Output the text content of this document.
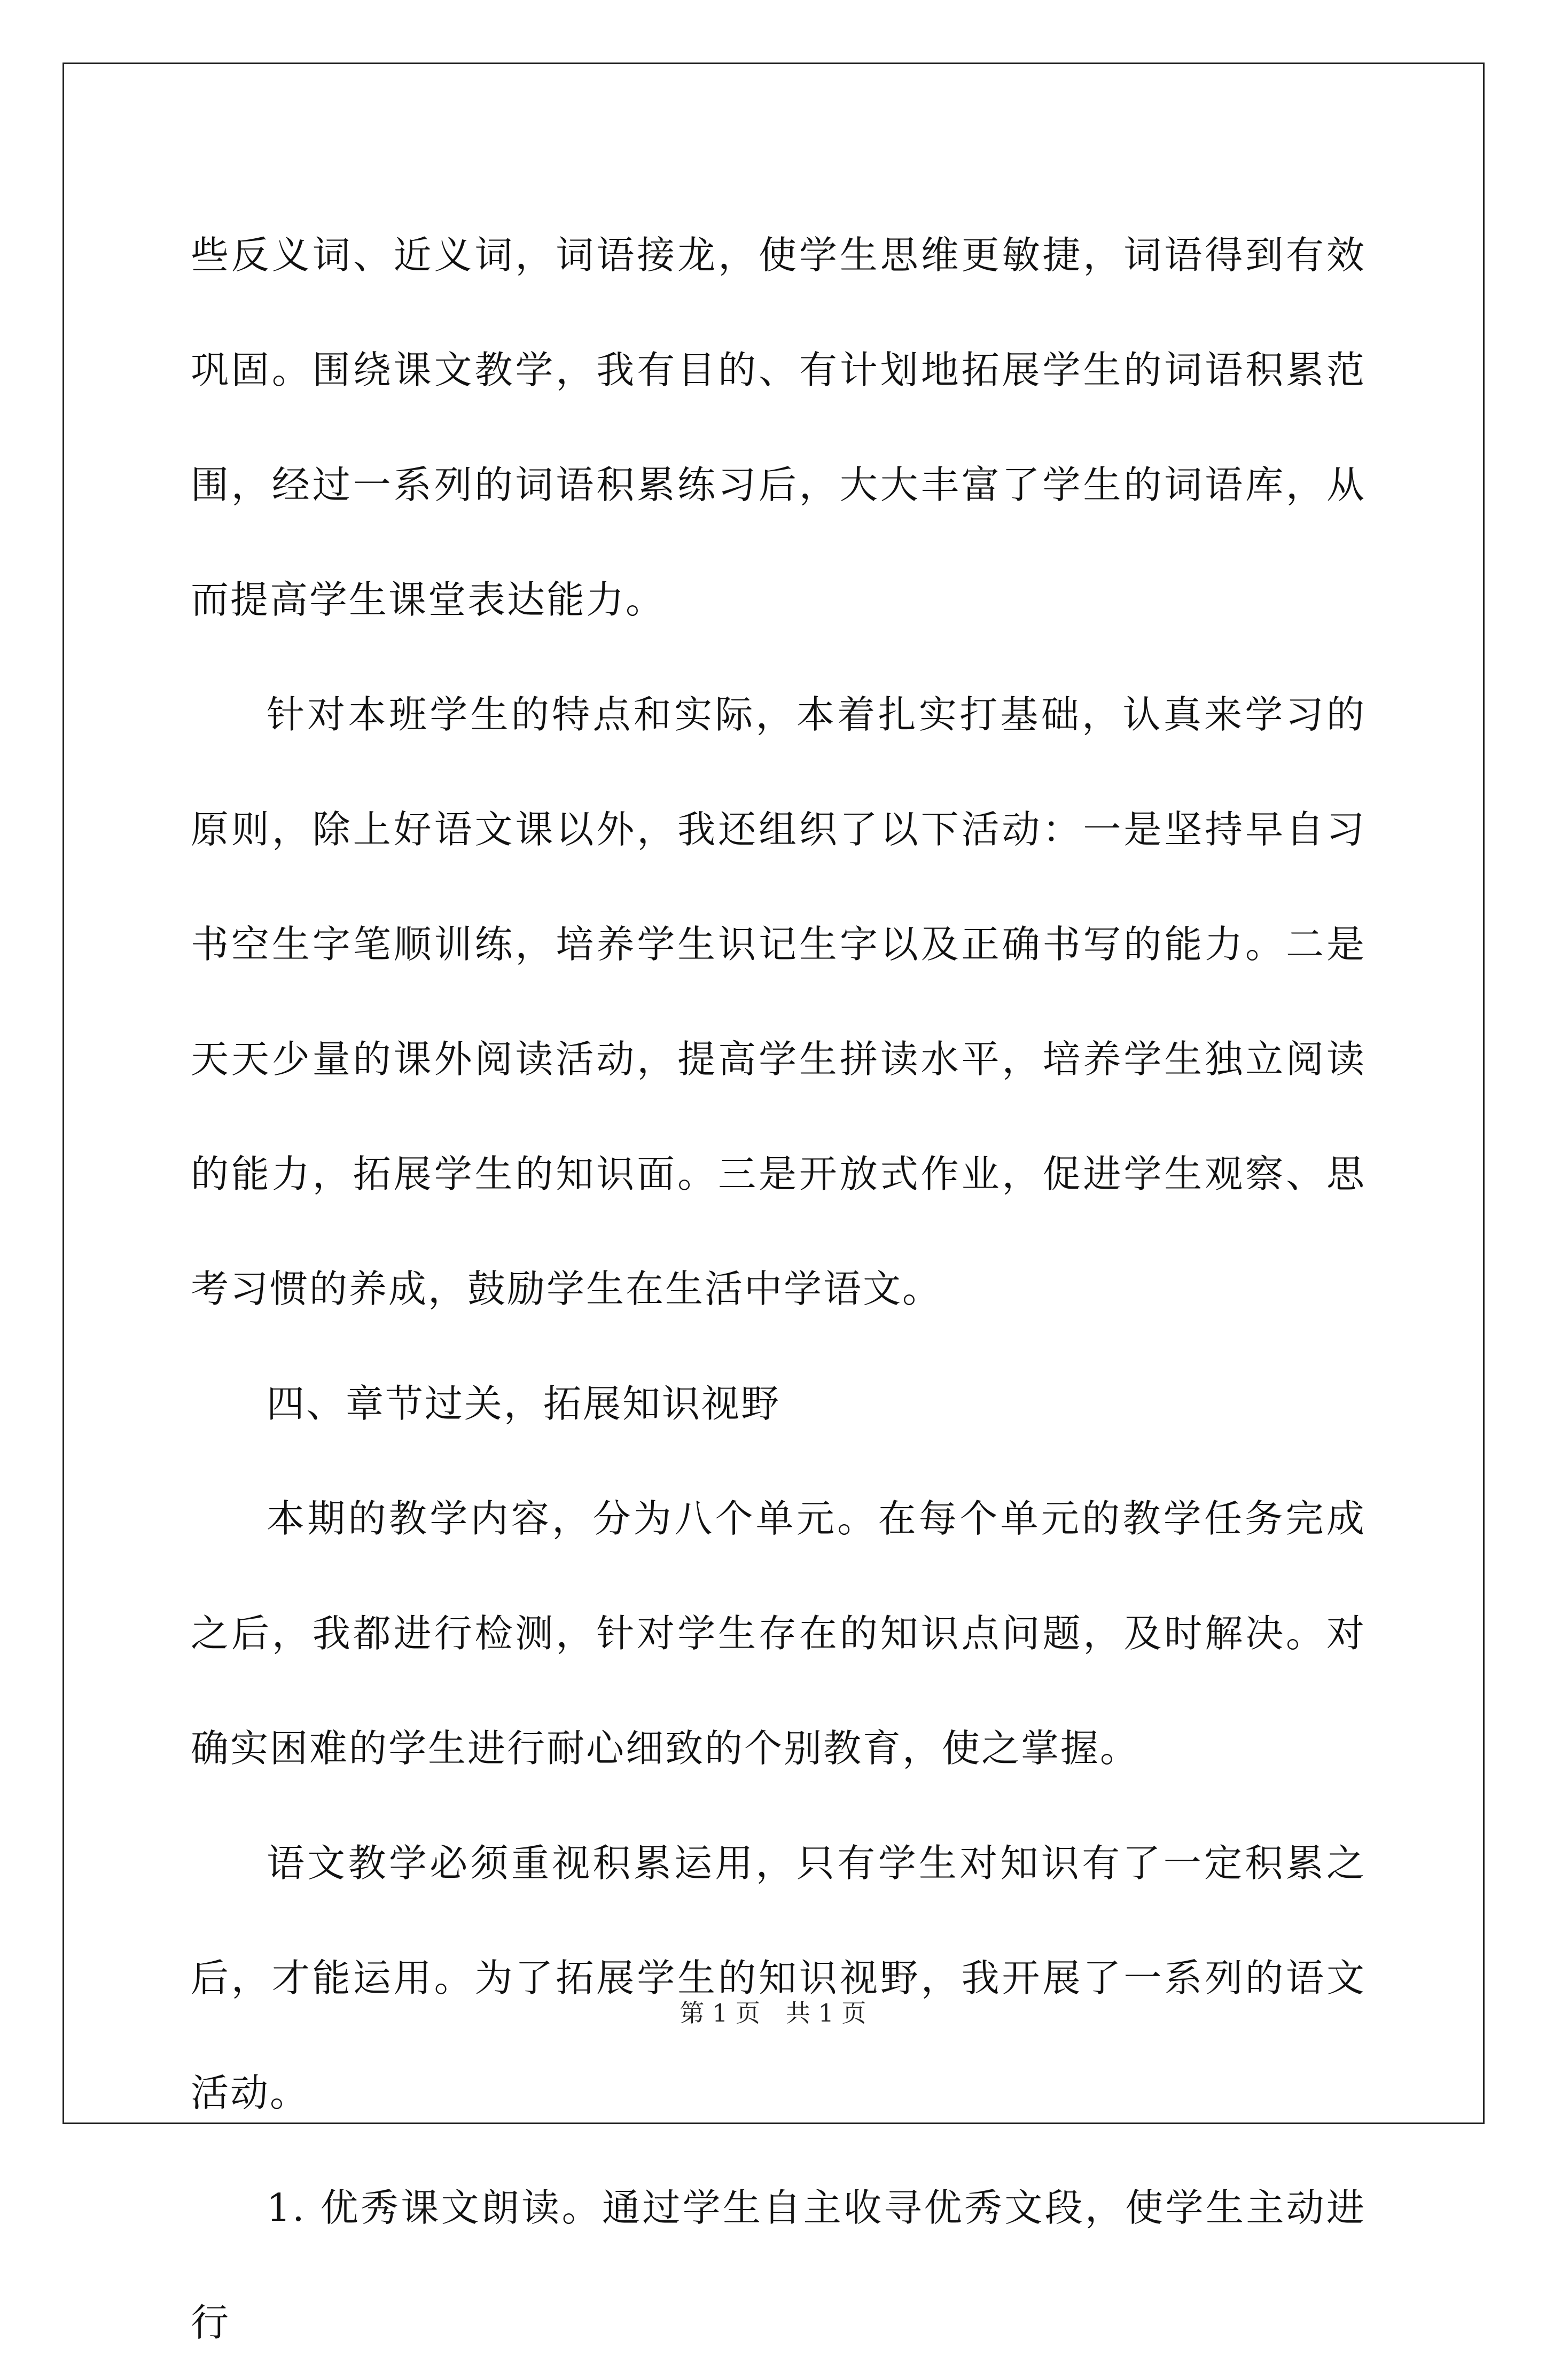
些反义词、近义词，词语接龙，使学生思维更敏捷，词语得到有效巩固。围绕课文教学，我有目的、有计划地拓展学生的词语积累范围，经过一系列的词语积累练习后，大大丰富了学生的词语库，从而提高学生课堂表达能力。

针对本班学生的特点和实际，本着扎实打基础，认真来学习的原则，除上好语文课以外，我还组织了以下活动：一是坚持早自习书空生字笔顺训练，培养学生识记生字以及正确书写的能力。二是天天少量的课外阅读活动，提高学生拼读水平，培养学生独立阅读的能力，拓展学生的知识面。三是开放式作业，促进学生观察、思考习惯的养成，鼓励学生在生活中学语文。

四、章节过关，拓展知识视野

本期的教学内容，分为八个单元。在每个单元的教学任务完成之后，我都进行检测，针对学生存在的知识点问题，及时解决。对确实困难的学生进行耐心细致的个别教育，使之掌握。

语文教学必须重视积累运用，只有学生对知识有了一定积累之后，才能运用。为了拓展学生的知识视野，我开展了一系列的语文活动。

1. 优秀课文朗读。通过学生自主收寻优秀文段，使学生主动进行

第 1 页 共 1 页
